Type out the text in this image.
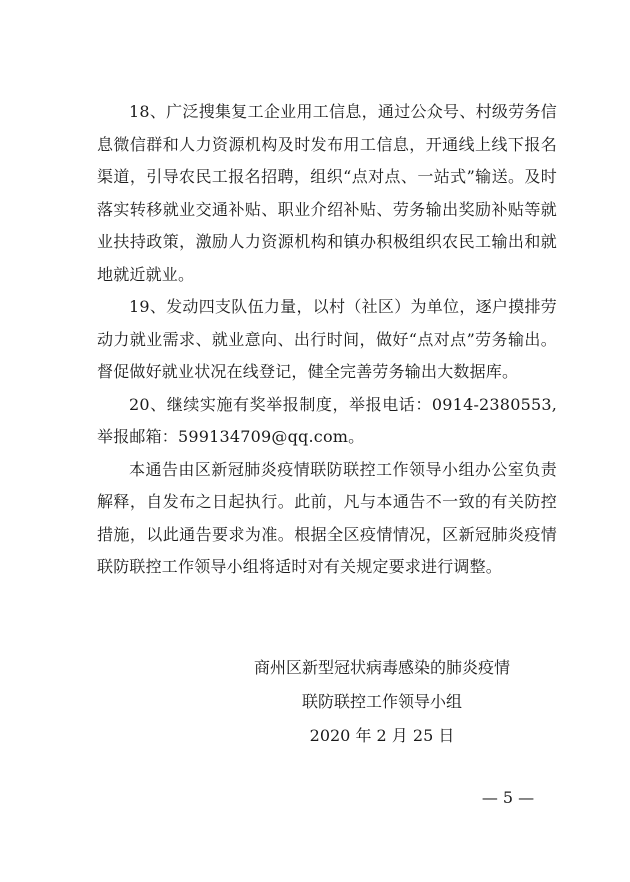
18、广泛搜集复工企业用工信息，通过公众号、村级劳务信息微信群和人力资源机构及时发布用工信息，开通线上线下报名渠道，引导农民工报名招聘，组织“点对点、一站式”输送。及时落实转移就业交通补贴、职业介绍补贴、劳务输出奖励补贴等就业扶持政策，激励人力资源机构和镇办积极组织农民工输出和就地就近就业。

19、发动四支队伍力量，以村（社区）为单位，逐户摸排劳动力就业需求、就业意向、出行时间，做好“点对点”劳务输出。督促做好就业状况在线登记，健全完善劳务输出大数据库。

20、继续实施有奖举报制度，举报电话：0914-2380553,举报邮箱：599134709@qq.com。

本通告由区新冠肺炎疫情联防联控工作领导小组办公室负责解释，自发布之日起执行。此前，凡与本通告不一致的有关防控措施，以此通告要求为准。根据全区疫情情况，区新冠肺炎疫情联防联控工作领导小组将适时对有关规定要求进行调整。

商州区新型冠状病毒感染的肺炎疫情

联防联控工作领导小组

2020 年 2 月 25 日

— 5 —
